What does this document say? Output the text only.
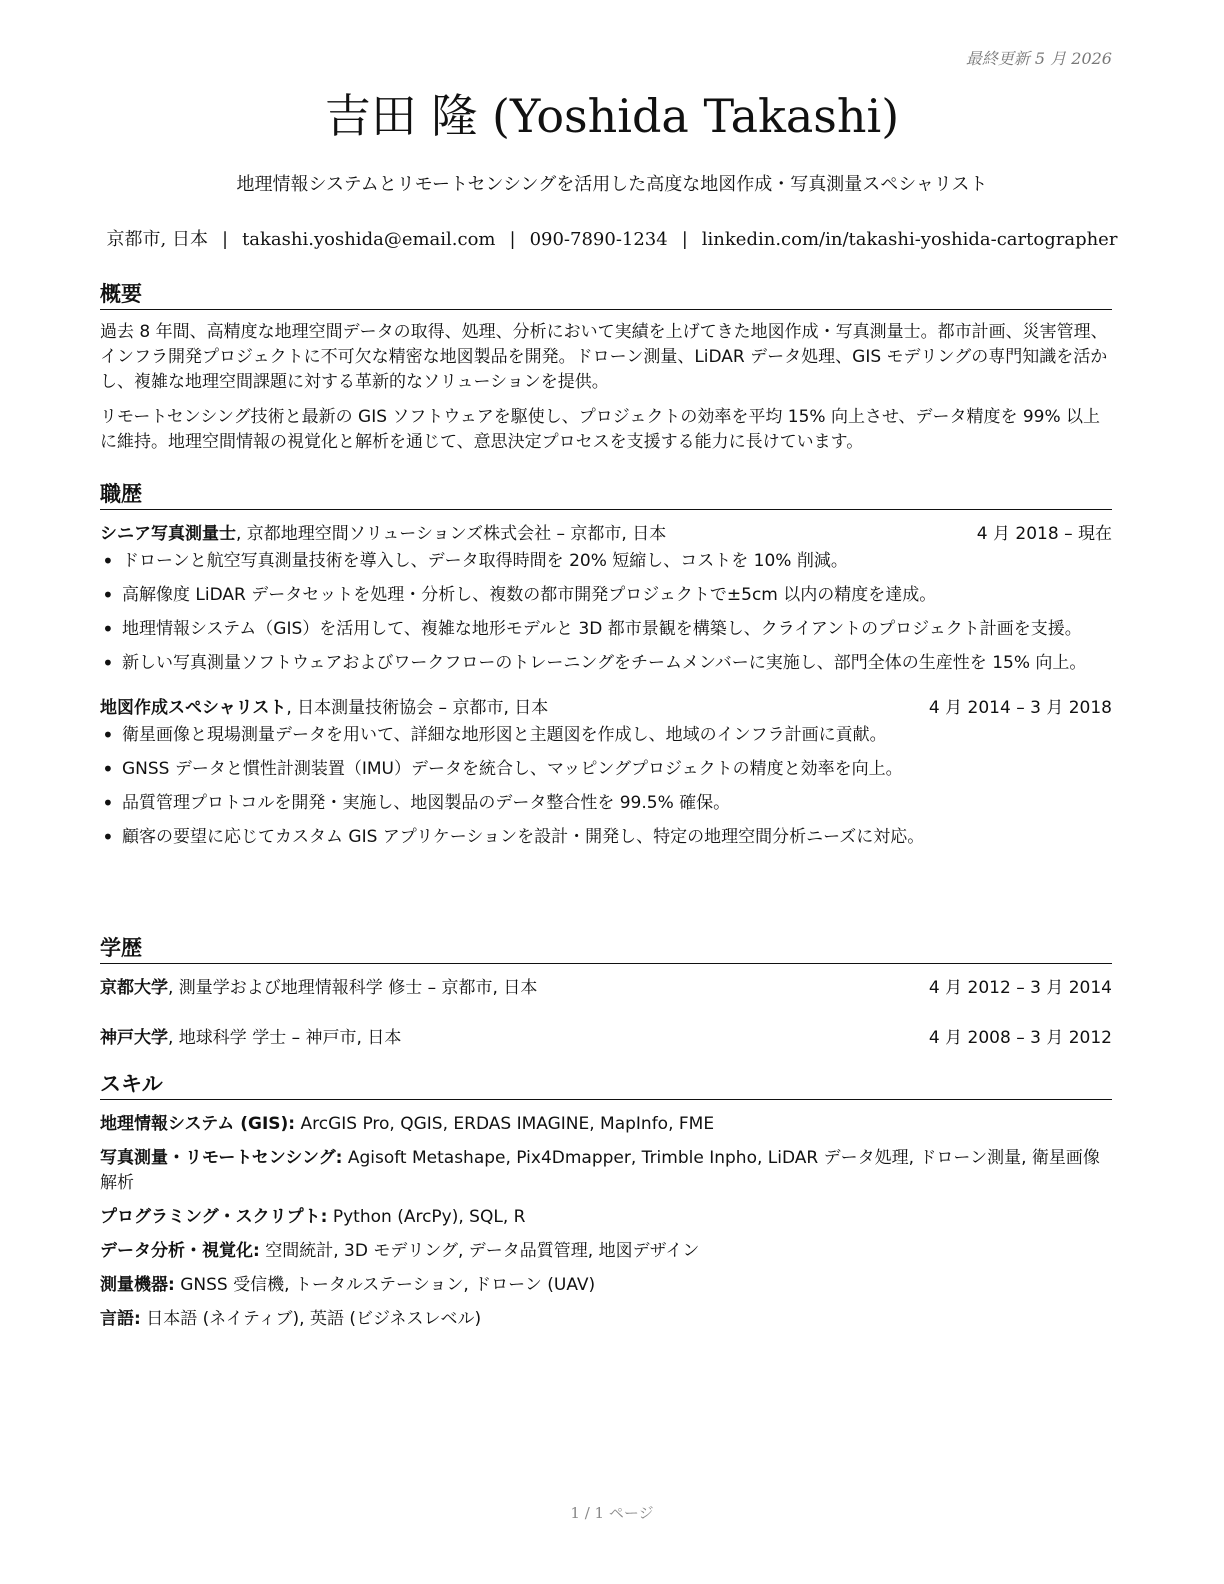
最終更新 5 月 2026
吉田 隆 (Yoshida Takashi)
地理情報システムとリモートセンシングを活用した高度な地図作成・写真測量スペシャリスト
京都市, 日本 | takashi.yoshida@email.com | 090-7890-1234 | linkedin.com/in/takashi-yoshida-cartographer
概要

過去 8 年間、高精度な地理空間データの取得、処理、分析において実績を上げてきた地図作成・写真測量士。都市計画、災害管理、インフラ開発プロジェクトに不可欠な精密な地図製品を開発。ドローン測量、LiDAR データ処理、GIS モデリングの専門知識を活かし、複雑な地理空間課題に対する革新的なソリューションを提供。

リモートセンシング技術と最新の GIS ソフトウェアを駆使し、プロジェクトの効率を平均 15% 向上させ、データ精度を 99% 以上に維持。地理空間情報の視覚化と解析を通じて、意思決定プロセスを支援する能力に長けています。

職歴
シニア写真測量士, 京都地理空間ソリューションズ株式会社 – 京都市, 日本	4 月 2018 – 現在
• ドローンと航空写真測量技術を導入し、データ取得時間を 20% 短縮し、コストを 10% 削減。
• 高解像度 LiDAR データセットを処理・分析し、複数の都市開発プロジェクトで±5cm 以内の精度を達成。
• 地理情報システム（GIS）を活用して、複雑な地形モデルと 3D 都市景観を構築し、クライアントのプロジェクト計画を支援。
• 新しい写真測量ソフトウェアおよびワークフローのトレーニングをチームメンバーに実施し、部門全体の生産性を 15% 向上。
地図作成スペシャリスト, 日本測量技術協会 – 京都市, 日本	4 月 2014 – 3 月 2018
• 衛星画像と現場測量データを用いて、詳細な地形図と主題図を作成し、地域のインフラ計画に貢献。
• GNSS データと慣性計測装置（IMU）データを統合し、マッピングプロジェクトの精度と効率を向上。
• 品質管理プロトコルを開発・実施し、地図製品のデータ整合性を 99.5% 確保。
• 顧客の要望に応じてカスタム GIS アプリケーションを設計・開発し、特定の地理空間分析ニーズに対応。
学歴
京都大学, 測量学および地理情報科学 修士 – 京都市, 日本	4 月 2012 – 3 月 2014
神戸大学, 地球科学 学士 – 神戸市, 日本	4 月 2008 – 3 月 2012
スキル
地理情報システム (GIS): ArcGIS Pro, QGIS, ERDAS IMAGINE, MapInfo, FME
写真測量・リモートセンシング: Agisoft Metashape, Pix4Dmapper, Trimble Inpho, LiDAR データ処理, ドローン測量, 衛星画像解析
プログラミング・スクリプト: Python (ArcPy), SQL, R
データ分析・視覚化: 空間統計, 3D モデリング, データ品質管理, 地図デザイン
測量機器: GNSS 受信機, トータルステーション, ドローン (UAV)
言語: 日本語 (ネイティブ), 英語 (ビジネスレベル)
1 / 1 ページ
